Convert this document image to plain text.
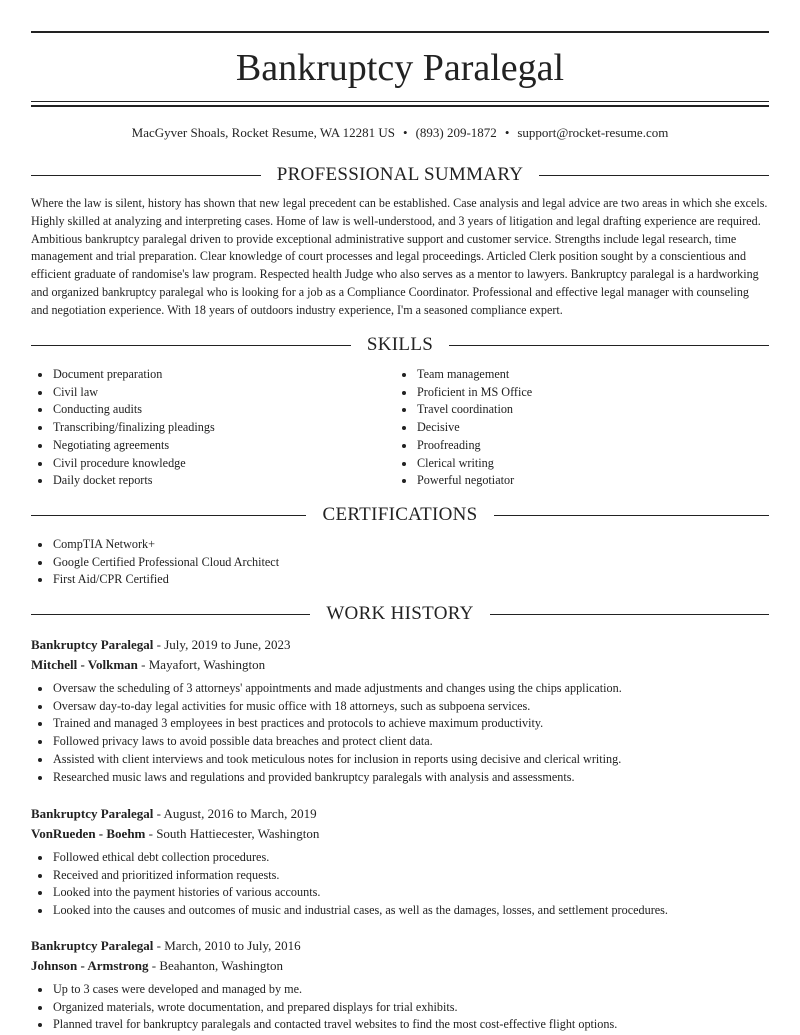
Bankruptcy Paralegal
MacGyver Shoals, Rocket Resume, WA 12281 US • (893) 209-1872 • support@rocket-resume.com
PROFESSIONAL SUMMARY

Where the law is silent, history has shown that new legal precedent can be established. Case analysis and legal advice are two areas in which she excels. Highly skilled at analyzing and interpreting cases. Home of law is well-understood, and 3 years of litigation and legal drafting experience are required. Ambitious bankruptcy paralegal driven to provide exceptional administrative support and customer service. Strengths include legal research, time management and trial preparation. Clear knowledge of court processes and legal proceedings. Articled Clerk position sought by a conscientious and efficient graduate of randomise's law program. Respected health Judge who also serves as a mentor to lawyers. Bankruptcy paralegal is a hardworking and organized bankruptcy paralegal who is looking for a job as a Compliance Coordinator. Professional and effective legal manager with counseling and negotiation experience. With 18 years of outdoors industry experience, I'm a seasoned compliance expert.

SKILLS
Document preparation
Civil law
Conducting audits
Transcribing/finalizing pleadings
Negotiating agreements
Civil procedure knowledge
Daily docket reports
Team management
Proficient in MS Office
Travel coordination
Decisive
Proofreading
Clerical writing
Powerful negotiator
CERTIFICATIONS
CompTIA Network+
Google Certified Professional Cloud Architect
First Aid/CPR Certified
WORK HISTORY
Bankruptcy Paralegal - July, 2019 to June, 2023
Mitchell - Volkman - Mayafort, Washington
Oversaw the scheduling of 3 attorneys' appointments and made adjustments and changes using the chips application.
Oversaw day-to-day legal activities for music office with 18 attorneys, such as subpoena services.
Trained and managed 3 employees in best practices and protocols to achieve maximum productivity.
Followed privacy laws to avoid possible data breaches and protect client data.
Assisted with client interviews and took meticulous notes for inclusion in reports using decisive and clerical writing.
Researched music laws and regulations and provided bankruptcy paralegals with analysis and assessments.
Bankruptcy Paralegal - August, 2016 to March, 2019
VonRueden - Boehm - South Hattiecester, Washington
Followed ethical debt collection procedures.
Received and prioritized information requests.
Looked into the payment histories of various accounts.
Looked into the causes and outcomes of music and industrial cases, as well as the damages, losses, and settlement procedures.
Bankruptcy Paralegal - March, 2010 to July, 2016
Johnson - Armstrong - Beahanton, Washington
Up to 3 cases were developed and managed by me.
Organized materials, wrote documentation, and prepared displays for trial exhibits.
Planned travel for bankruptcy paralegals and contacted travel websites to find the most cost-effective flight options.
